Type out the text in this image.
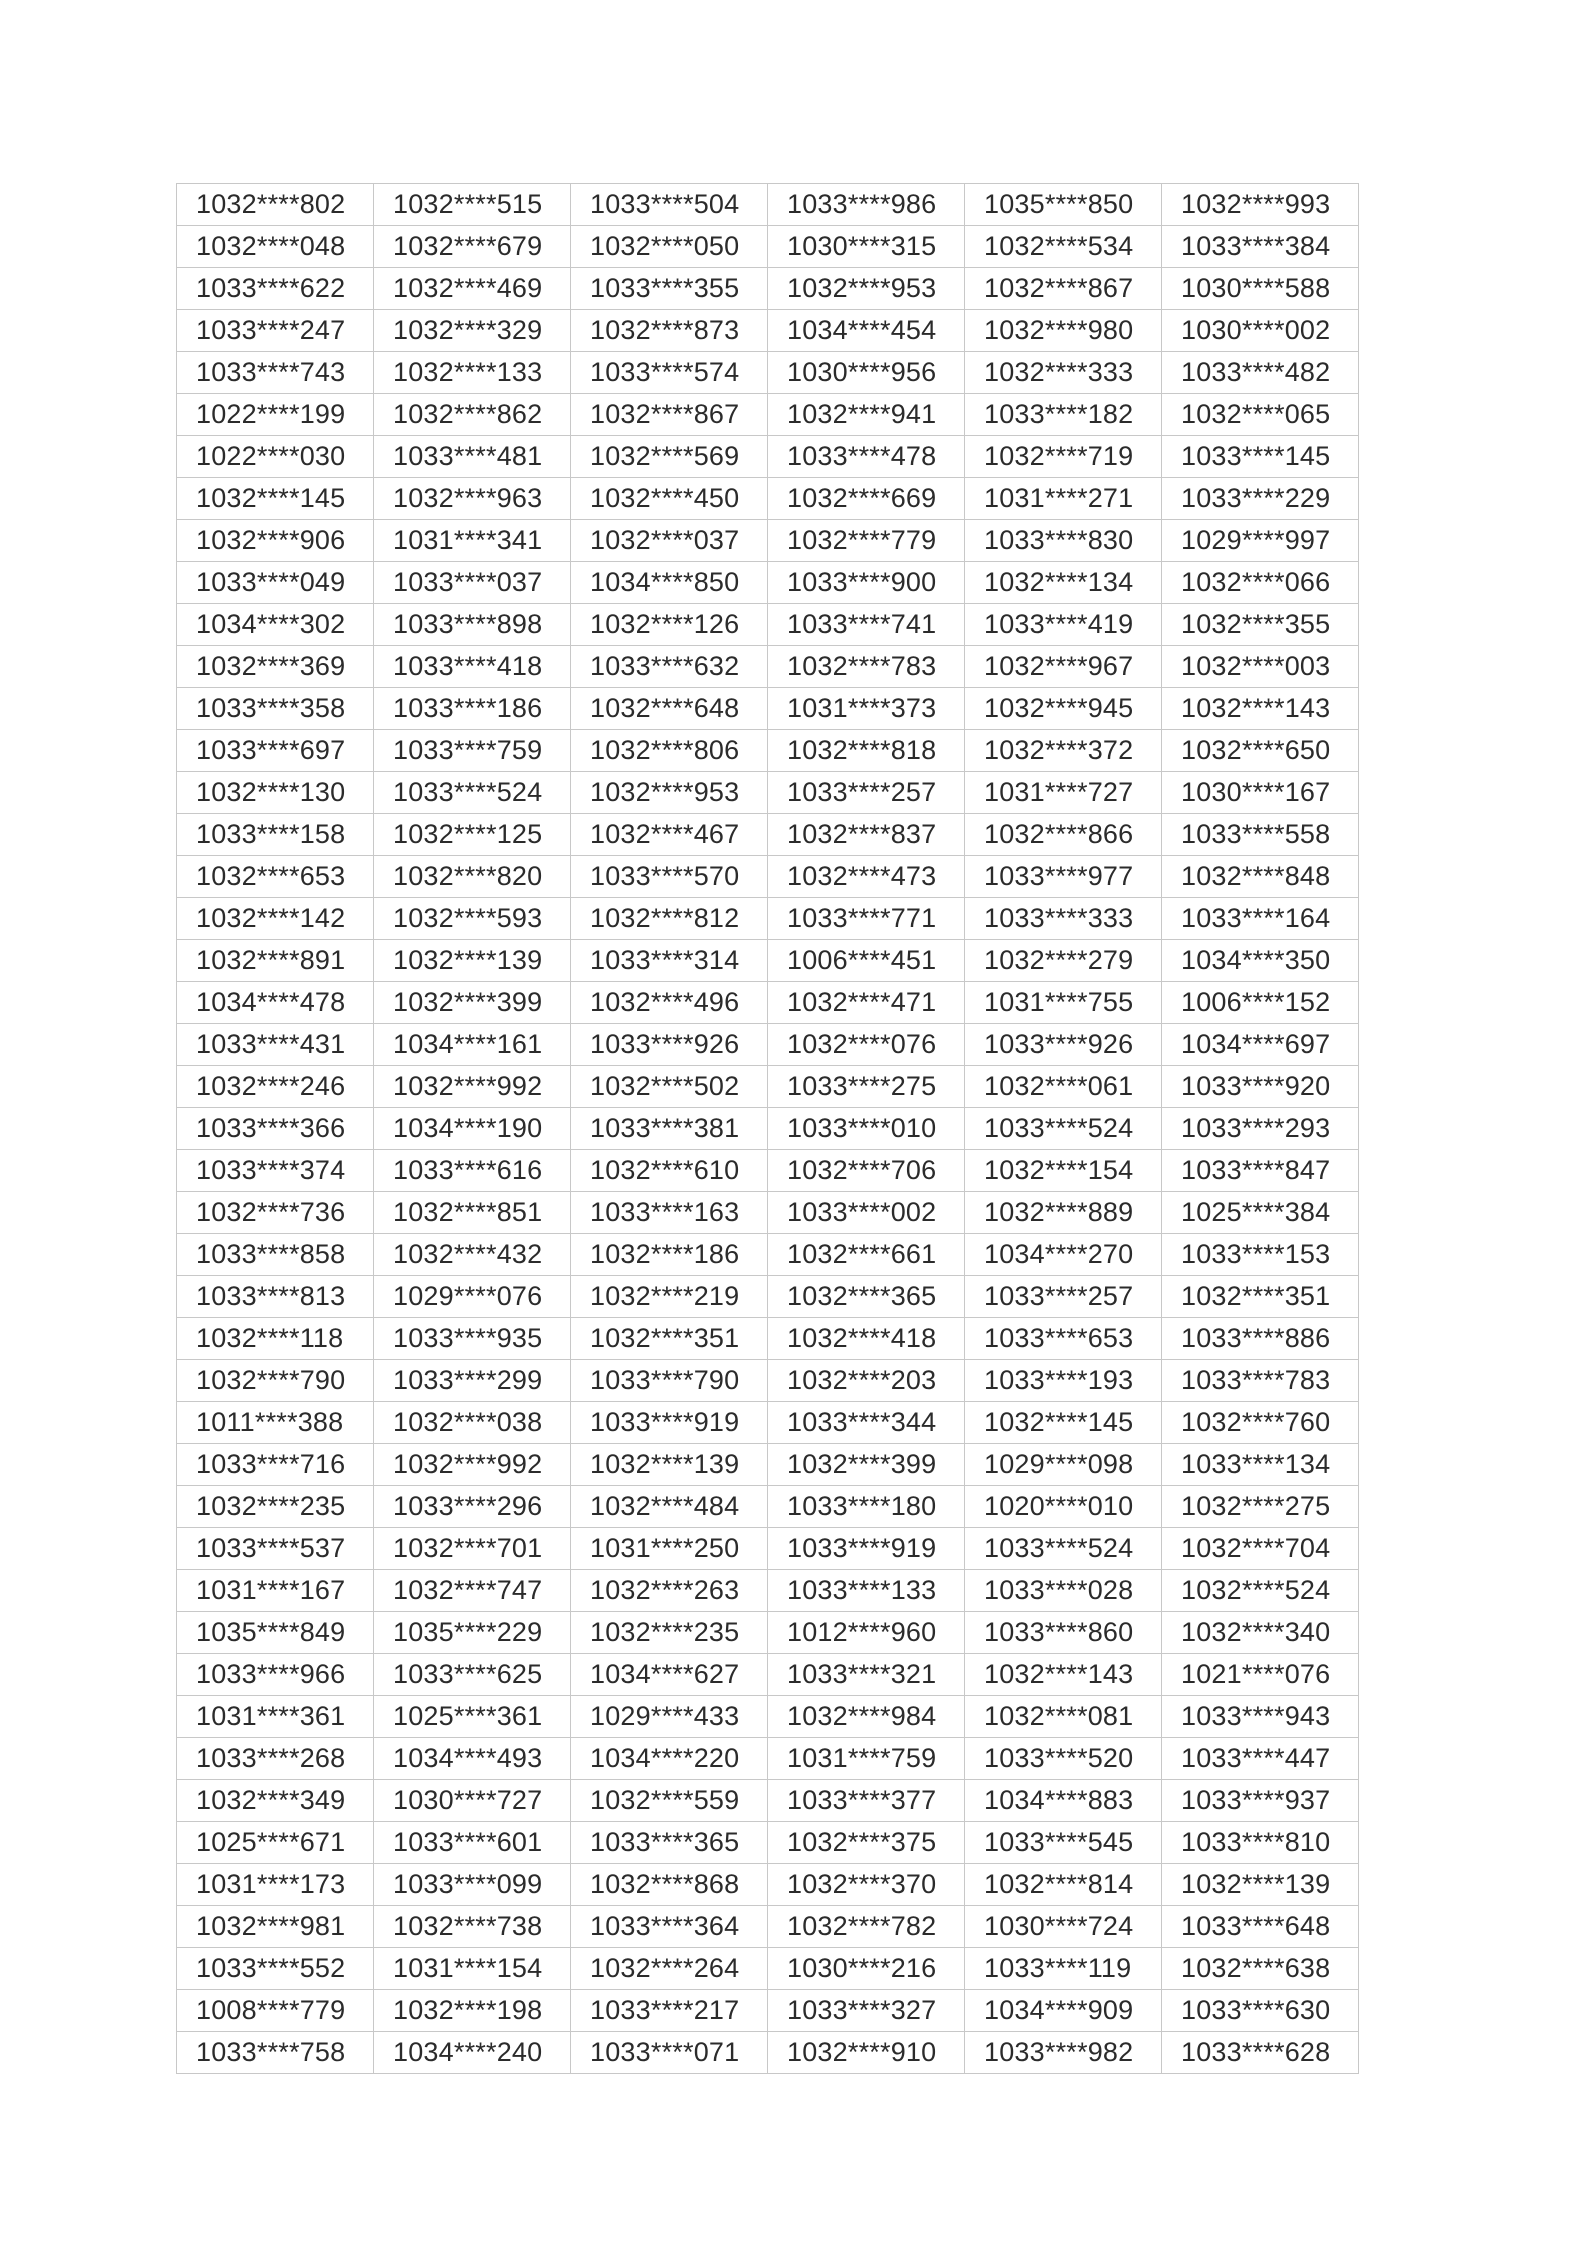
1032****802	1032****515	1033****504	1033****986	1035****850	1032****993
1032****048	1032****679	1032****050	1030****315	1032****534	1033****384
1033****622	1032****469	1033****355	1032****953	1032****867	1030****588
1033****247	1032****329	1032****873	1034****454	1032****980	1030****002
1033****743	1032****133	1033****574	1030****956	1032****333	1033****482
1022****199	1032****862	1032****867	1032****941	1033****182	1032****065
1022****030	1033****481	1032****569	1033****478	1032****719	1033****145
1032****145	1032****963	1032****450	1032****669	1031****271	1033****229
1032****906	1031****341	1032****037	1032****779	1033****830	1029****997
1033****049	1033****037	1034****850	1033****900	1032****134	1032****066
1034****302	1033****898	1032****126	1033****741	1033****419	1032****355
1032****369	1033****418	1033****632	1032****783	1032****967	1032****003
1033****358	1033****186	1032****648	1031****373	1032****945	1032****143
1033****697	1033****759	1032****806	1032****818	1032****372	1032****650
1032****130	1033****524	1032****953	1033****257	1031****727	1030****167
1033****158	1032****125	1032****467	1032****837	1032****866	1033****558
1032****653	1032****820	1033****570	1032****473	1033****977	1032****848
1032****142	1032****593	1032****812	1033****771	1033****333	1033****164
1032****891	1032****139	1033****314	1006****451	1032****279	1034****350
1034****478	1032****399	1032****496	1032****471	1031****755	1006****152
1033****431	1034****161	1033****926	1032****076	1033****926	1034****697
1032****246	1032****992	1032****502	1033****275	1032****061	1033****920
1033****366	1034****190	1033****381	1033****010	1033****524	1033****293
1033****374	1033****616	1032****610	1032****706	1032****154	1033****847
1032****736	1032****851	1033****163	1033****002	1032****889	1025****384
1033****858	1032****432	1032****186	1032****661	1034****270	1033****153
1033****813	1029****076	1032****219	1032****365	1033****257	1032****351
1032****118	1033****935	1032****351	1032****418	1033****653	1033****886
1032****790	1033****299	1033****790	1032****203	1033****193	1033****783
1011****388	1032****038	1033****919	1033****344	1032****145	1032****760
1033****716	1032****992	1032****139	1032****399	1029****098	1033****134
1032****235	1033****296	1032****484	1033****180	1020****010	1032****275
1033****537	1032****701	1031****250	1033****919	1033****524	1032****704
1031****167	1032****747	1032****263	1033****133	1033****028	1032****524
1035****849	1035****229	1032****235	1012****960	1033****860	1032****340
1033****966	1033****625	1034****627	1033****321	1032****143	1021****076
1031****361	1025****361	1029****433	1032****984	1032****081	1033****943
1033****268	1034****493	1034****220	1031****759	1033****520	1033****447
1032****349	1030****727	1032****559	1033****377	1034****883	1033****937
1025****671	1033****601	1033****365	1032****375	1033****545	1033****810
1031****173	1033****099	1032****868	1032****370	1032****814	1032****139
1032****981	1032****738	1033****364	1032****782	1030****724	1033****648
1033****552	1031****154	1032****264	1030****216	1033****119	1032****638
1008****779	1032****198	1033****217	1033****327	1034****909	1033****630
1033****758	1034****240	1033****071	1032****910	1033****982	1033****628
